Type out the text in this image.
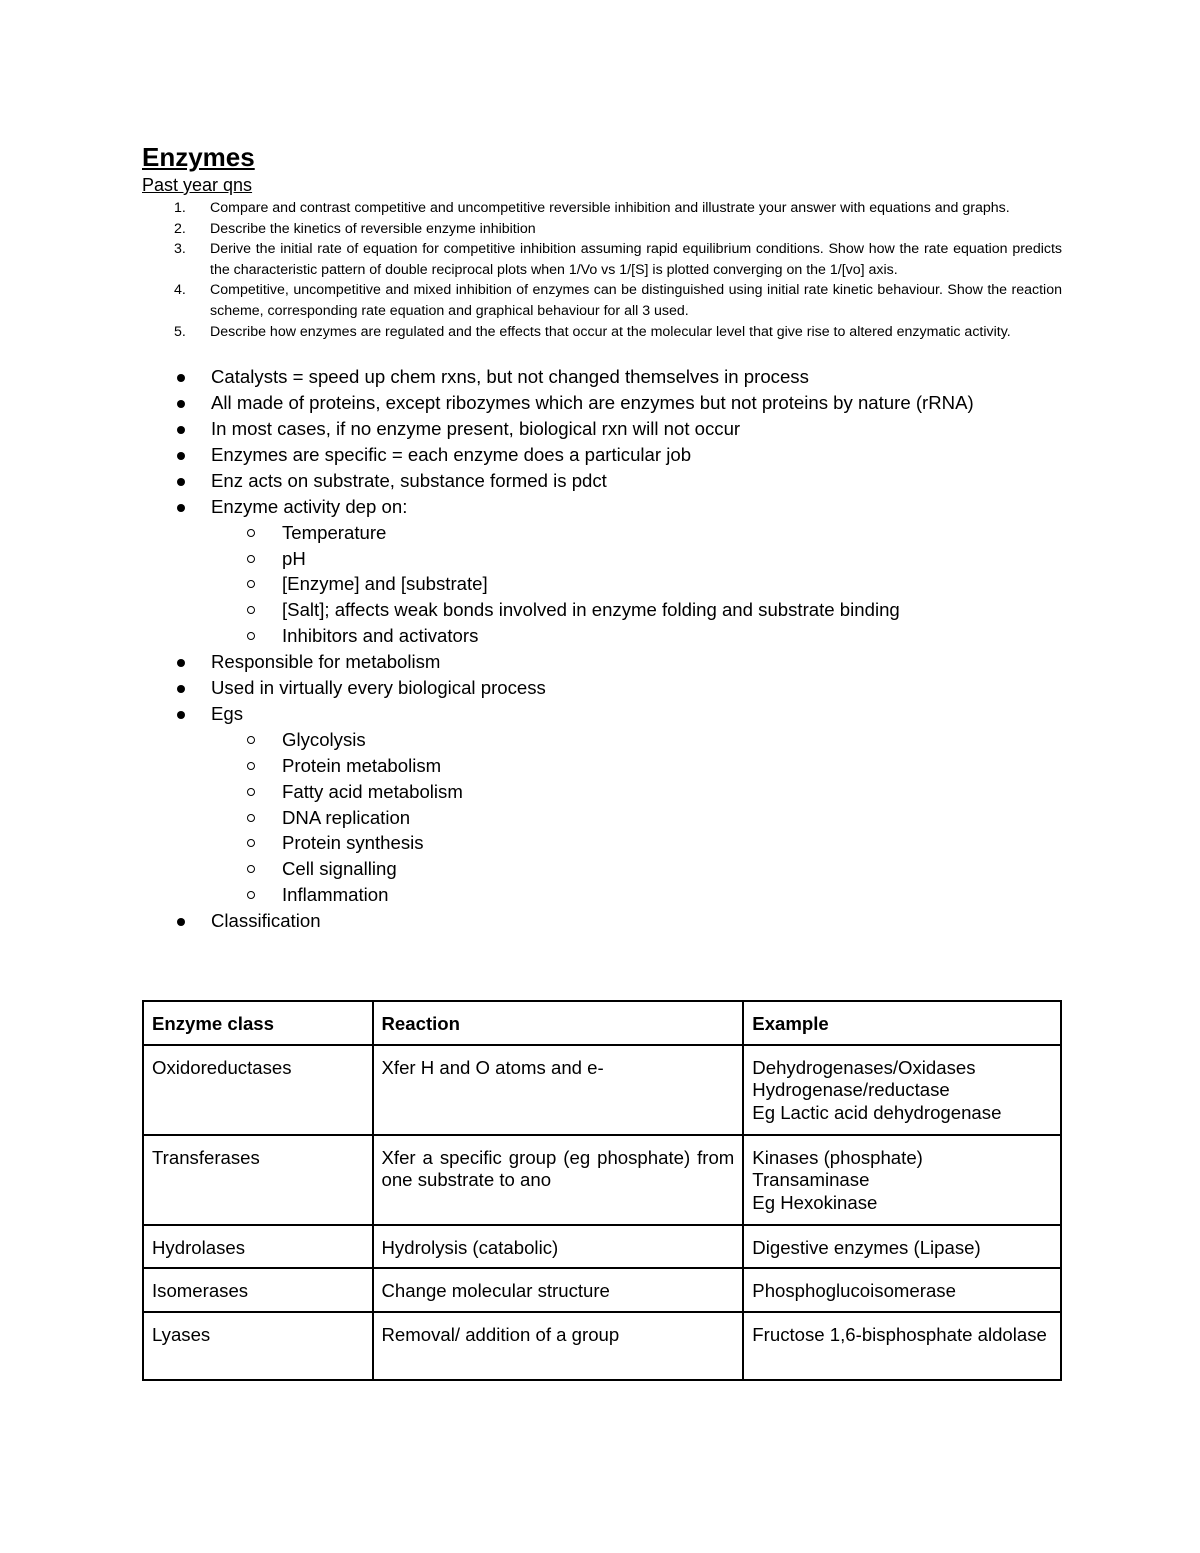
Enzymes
Past year qns
1. Compare and contrast competitive and uncompetitive reversible inhibition and illustrate your answer with equations and graphs.
2. Describe the kinetics of reversible enzyme inhibition
3. Derive the initial rate of equation for competitive inhibition assuming rapid equilibrium conditions. Show how the rate equation predicts the characteristic pattern of double reciprocal plots when 1/Vo vs 1/[S] is plotted converging on the 1/[vo] axis.
4. Competitive, uncompetitive and mixed inhibition of enzymes can be distinguished using initial rate kinetic behaviour. Show the reaction scheme, corresponding rate equation and graphical behaviour for all 3 used.
5. Describe how enzymes are regulated and the effects that occur at the molecular level that give rise to altered enzymatic activity.
Catalysts = speed up chem rxns, but not changed themselves in process
All made of proteins, except ribozymes which are enzymes but not proteins by nature (rRNA)
In most cases, if no enzyme present, biological rxn will not occur
Enzymes are specific = each enzyme does a particular job
Enz acts on substrate, substance formed is pdct
Enzyme activity dep on:
Temperature
pH
[Enzyme] and [substrate]
[Salt]; affects weak bonds involved in enzyme folding and substrate binding
Inhibitors and activators
Responsible for metabolism
Used in virtually every biological process
Egs
Glycolysis
Protein metabolism
Fatty acid metabolism
DNA replication
Protein synthesis
Cell signalling
Inflammation
Classification
Enzyme class	Reaction	Example
Oxidoreductases	Xfer H and O atoms and e-	Dehydrogenases/Oxidases
Hydrogenase/reductase
Eg Lactic acid dehydrogenase

Transferases	Xfer a specific group (eg phosphate) from one substrate to ano	Kinases (phosphate)
Transaminase
Eg Hexokinase

Hydrolases	Hydrolysis (catabolic)	Digestive enzymes (Lipase)
Isomerases	Change molecular structure	Phosphoglucoisomerase
Lyases	Removal/ addition of a group	Fructose 1,6-bisphosphate aldolase
